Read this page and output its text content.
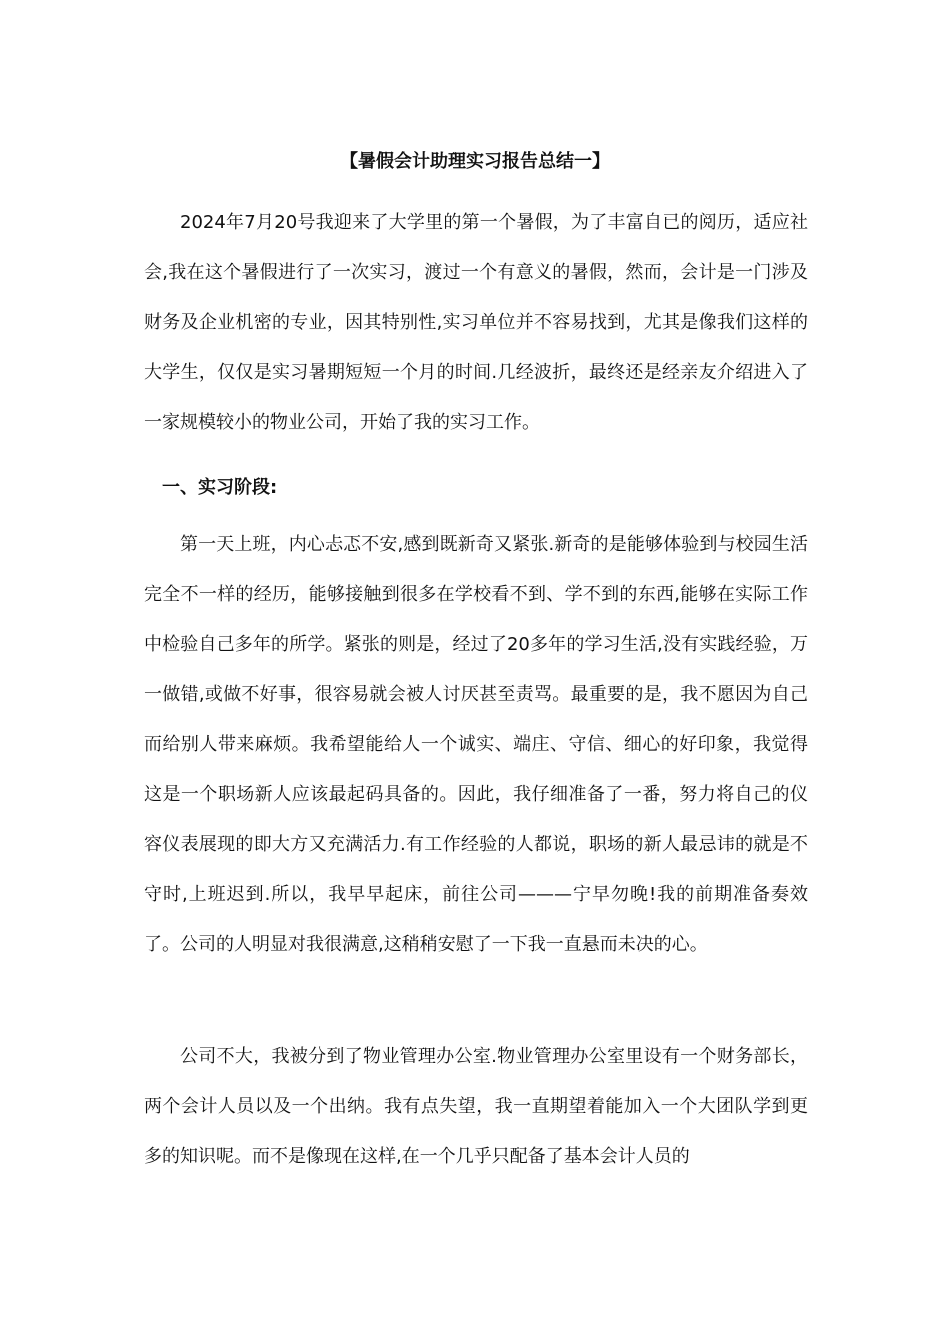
【暑假会计助理实习报告总结一】

2024年7月20号我迎来了大学里的第一个暑假，为了丰富自已的阅历，适应社会,我在这个暑假进行了一次实习，渡过一个有意义的暑假，然而，会计是一门涉及财务及企业机密的专业，因其特别性,实习单位并不容易找到，尤其是像我们这样的大学生，仅仅是实习暑期短短一个月的时间.几经波折，最终还是经亲友介绍进入了一家规模较小的物业公司，开始了我的实习工作。

一、实习阶段:

第一天上班，内心忐忑不安,感到既新奇又紧张.新奇的是能够体验到与校园生活完全不一样的经历，能够接触到很多在学校看不到、学不到的东西,能够在实际工作中检验自己多年的所学。紧张的则是，经过了20多年的学习生活,没有实践经验，万一做错,或做不好事，很容易就会被人讨厌甚至责骂。最重要的是，我不愿因为自己而给别人带来麻烦。我希望能给人一个诚实、端庄、守信、细心的好印象，我觉得这是一个职场新人应该最起码具备的。因此，我仔细准备了一番，努力将自己的仪容仪表展现的即大方又充满活力.有工作经验的人都说，职场的新人最忌讳的就是不守时,上班迟到.所以，我早早起床，前往公司———宁早勿晚!我的前期准备奏效了。公司的人明显对我很满意,这稍稍安慰了一下我一直悬而未决的心。

公司不大，我被分到了物业管理办公室.物业管理办公室里设有一个财务部长，两个会计人员以及一个出纳。我有点失望，我一直期望着能加入一个大团队学到更多的知识呢。而不是像现在这样,在一个几乎只配备了基本会计人员的
